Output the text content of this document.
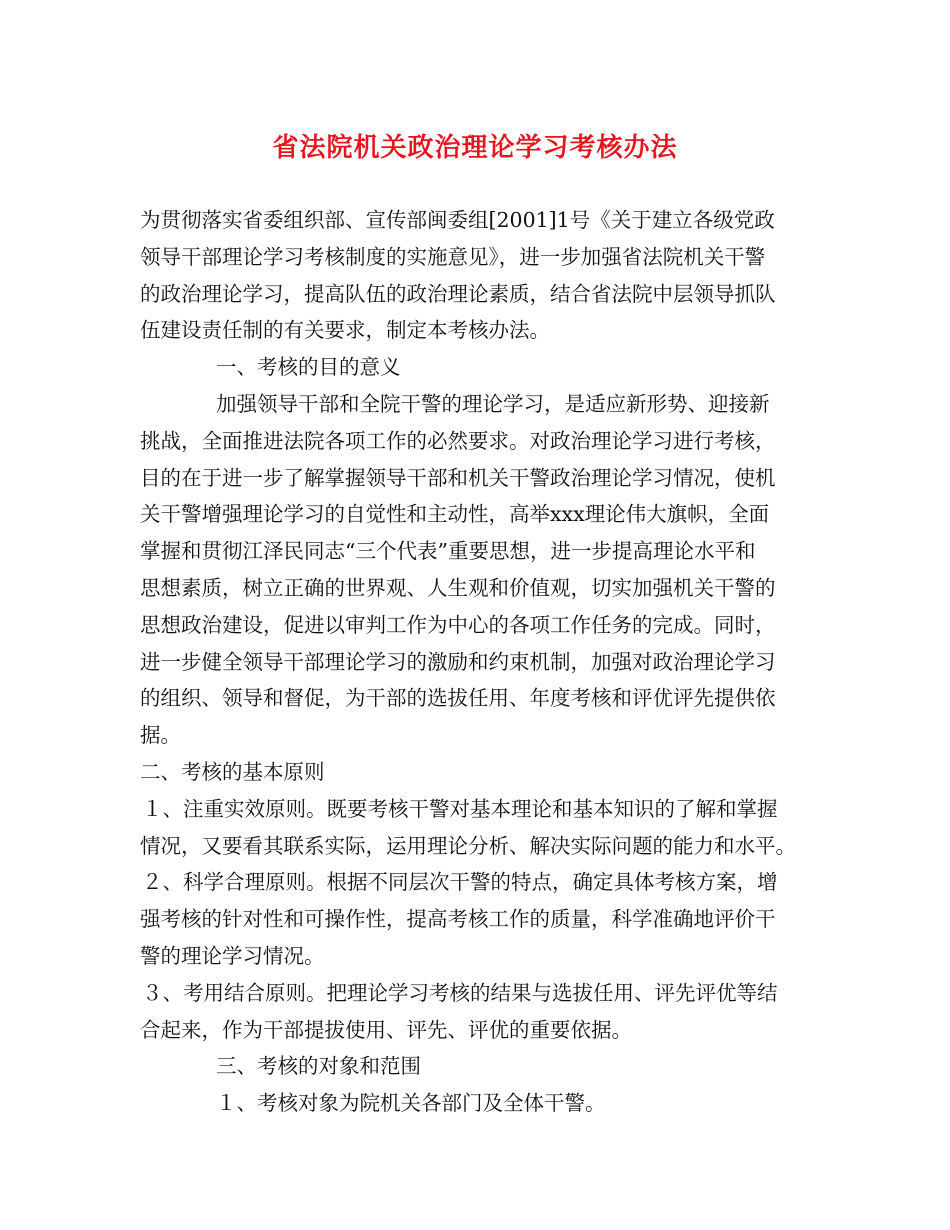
省法院机关政治理论学习考核办法
为贯彻落实省委组织部、宣传部闽委组[2001]1号《关于建立各级党政
领导干部理论学习考核制度的实施意见》，进一步加强省法院机关干警
的政治理论学习，提高队伍的政治理论素质，结合省法院中层领导抓队
伍建设责任制的有关要求，制定本考核办法。
一、考核的目的意义
加强领导干部和全院干警的理论学习，是适应新形势、迎接新
挑战，全面推进法院各项工作的必然要求。对政治理论学习进行考核，
目的在于进一步了解掌握领导干部和机关干警政治理论学习情况，使机
关干警增强理论学习的自觉性和主动性，高举xxx理论伟大旗帜，全面
掌握和贯彻江泽民同志“三个代表”重要思想，进一步提高理论水平和
思想素质，树立正确的世界观、人生观和价值观，切实加强机关干警的
思想政治建设，促进以审判工作为中心的各项工作任务的完成。同时，
进一步健全领导干部理论学习的激励和约束机制，加强对政治理论学习
的组织、领导和督促，为干部的选拔任用、年度考核和评优评先提供依
据。
二、考核的基本原则
１、注重实效原则。既要考核干警对基本理论和基本知识的了解和掌握
情况，又要看其联系实际，运用理论分析、解决实际问题的能力和水平。
２、科学合理原则。根据不同层次干警的特点，确定具体考核方案，增
强考核的针对性和可操作性，提高考核工作的质量，科学准确地评价干
警的理论学习情况。
３、考用结合原则。把理论学习考核的结果与选拔任用、评先评优等结
合起来，作为干部提拔使用、评先、评优的重要依据。
三、考核的对象和范围
１、考核对象为院机关各部门及全体干警。
